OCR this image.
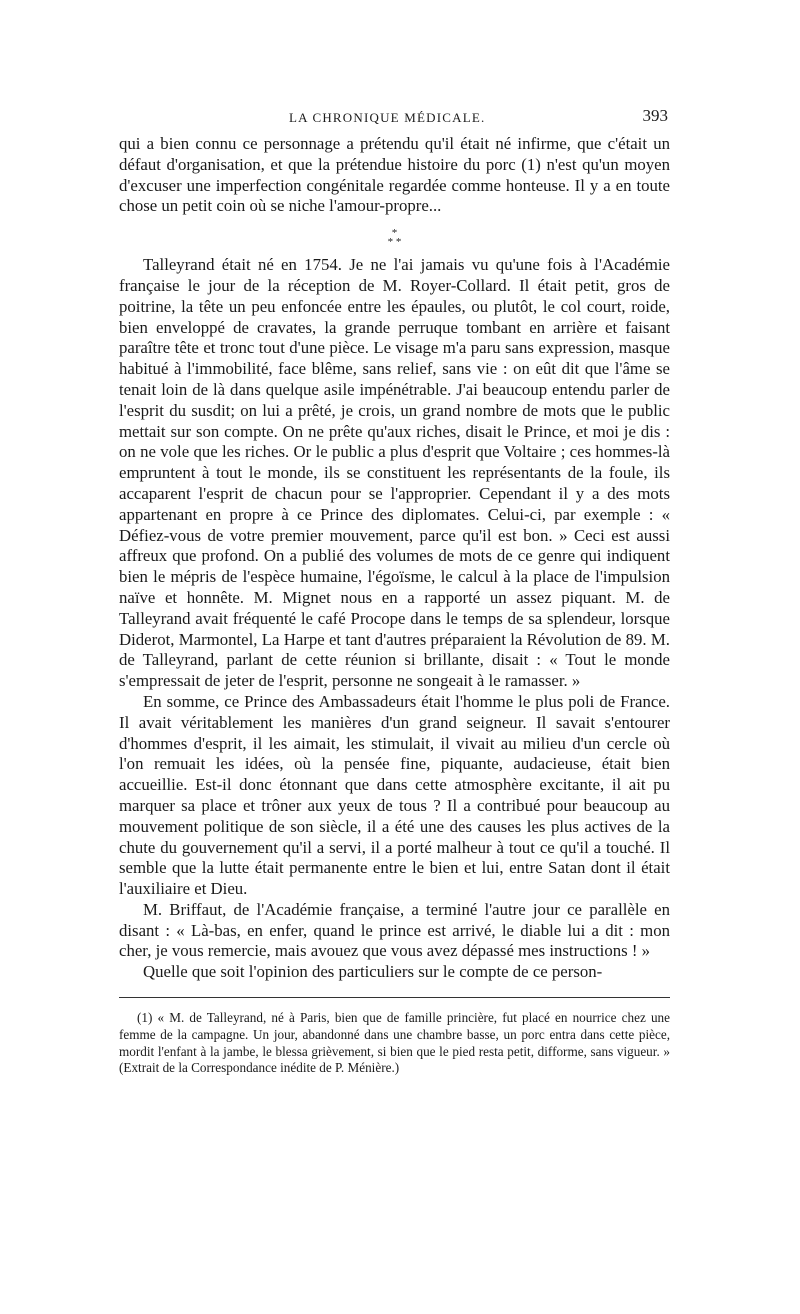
LA CHRONIQUE MÉDICALE.	393

qui a bien connu ce personnage a prétendu qu'il était né infirme, que c'était un défaut d'organisation, et que la prétendue histoire du porc (1) n'est qu'un moyen d'excuser une imperfection congénitale regardée comme honteuse. Il y a en toute chose un petit coin où se niche l'amour-propre...

*
* *

Talleyrand était né en 1754. Je ne l'ai jamais vu qu'une fois à l'Académie française le jour de la réception de M. Royer-Collard. Il était petit, gros de poitrine, la tête un peu enfoncée entre les épaules, ou plutôt, le col court, roide, bien enveloppé de cravates, la grande perruque tombant en arrière et faisant paraître tête et tronc tout d'une pièce. Le visage m'a paru sans expression, masque habitué à l'immobilité, face blême, sans relief, sans vie : on eût dit que l'âme se tenait loin de là dans quelque asile impénétrable. J'ai beaucoup entendu parler de l'esprit du susdit; on lui a prêté, je crois, un grand nombre de mots que le public mettait sur son compte. On ne prête qu'aux riches, disait le Prince, et moi je dis : on ne vole que les riches. Or le public a plus d'esprit que Voltaire ; ces hommes-là empruntent à tout le monde, ils se constituent les représentants de la foule, ils accaparent l'esprit de chacun pour se l'approprier. Cependant il y a des mots appartenant en propre à ce Prince des diplomates. Celui-ci, par exemple : « Défiez-vous de votre premier mouvement, parce qu'il est bon. » Ceci est aussi affreux que profond. On a publié des volumes de mots de ce genre qui indiquent bien le mépris de l'espèce humaine, l'égoïsme, le calcul à la place de l'impulsion naïve et honnête. M. Mignet nous en a rapporté un assez piquant. M. de Talleyrand avait fréquenté le café Procope dans le temps de sa splendeur, lorsque Diderot, Marmontel, La Harpe et tant d'autres préparaient la Révolution de 89. M. de Talleyrand, parlant de cette réunion si brillante, disait : « Tout le monde s'empressait de jeter de l'esprit, personne ne songeait à le ramasser. »

En somme, ce Prince des Ambassadeurs était l'homme le plus poli de France. Il avait véritablement les manières d'un grand seigneur. Il savait s'entourer d'hommes d'esprit, il les aimait, les stimulait, il vivait au milieu d'un cercle où l'on remuait les idées, où la pensée fine, piquante, audacieuse, était bien accueillie. Est-il donc étonnant que dans cette atmosphère excitante, il ait pu marquer sa place et trôner aux yeux de tous ? Il a contribué pour beaucoup au mouvement politique de son siècle, il a été une des causes les plus actives de la chute du gouvernement qu'il a servi, il a porté malheur à tout ce qu'il a touché. Il semble que la lutte était permanente entre le bien et lui, entre Satan dont il était l'auxiliaire et Dieu.

M. Briffaut, de l'Académie française, a terminé l'autre jour ce parallèle en disant : « Là-bas, en enfer, quand le prince est arrivé, le diable lui a dit : mon cher, je vous remercie, mais avouez que vous avez dépassé mes instructions ! »

Quelle que soit l'opinion des particuliers sur le compte de ce person-

(1) « M. de Talleyrand, né à Paris, bien que de famille princière, fut placé en nourrice chez une femme de la campagne. Un jour, abandonné dans une chambre basse, un porc entra dans cette pièce, mordit l'enfant à la jambe, le blessa grièvement, si bien que le pied resta petit, difforme, sans vigueur. » (Extrait de la Correspondance inédite de P. Ménière.)
